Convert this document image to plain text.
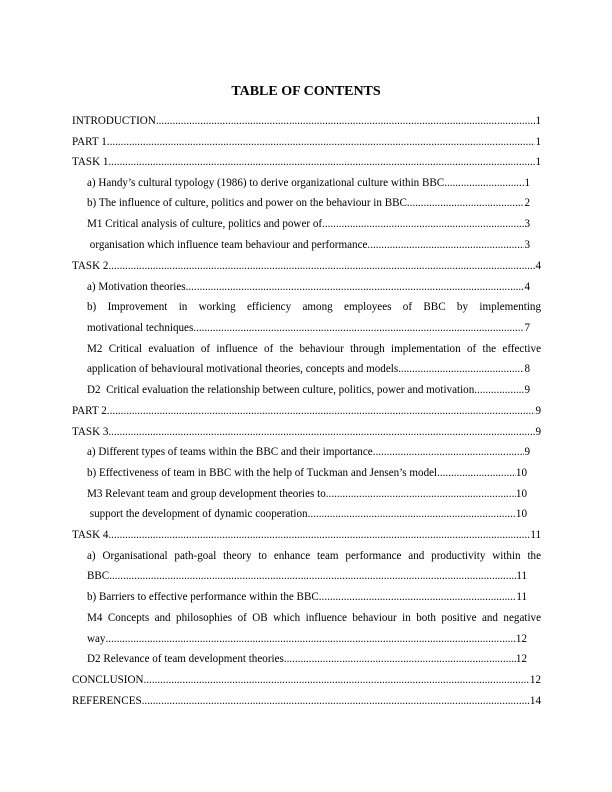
TABLE OF CONTENTS
INTRODUCTION .....	1
PART 1 .....	1
TASK 1 .....	1
a) Handy’s cultural typology (1986) to derive organizational culture within BBC .....	1
b) The influence of culture, politics and power on the behaviour in BBC .....	2
M1 Critical analysis of culture, politics and power of .....	3
organisation which influence team behaviour and performance .....	3
TASK 2 .....	4
a) Motivation theories .....	4
b) Improvement in working efficiency among employees of BBC by implementing
motivational techniques .....	7
M2 Critical evaluation of influence of the behaviour through implementation of the effective
application of behavioural motivational theories, concepts and models .....	8
D2  Critical evaluation the relationship between culture, politics, power and motivation .....	9
PART 2 .....	9
TASK 3 .....	9
a) Different types of teams within the BBC and their importance .....	9
b) Effectiveness of team in BBC with the help of Tuckman and Jensen’s model .....	10
M3 Relevant team and group development theories to .....	10
support the development of dynamic cooperation .....	10
TASK 4 .....	11
a) Organisational path-goal theory to enhance team performance and productivity within the
BBC .....	11
b) Barriers to effective performance within the BBC .....	11
M4 Concepts and philosophies of OB which influence behaviour in both positive and negative
way .....	12
D2 Relevance of team development theories .....	12
CONCLUSION .....	12
REFERENCES .....	14
